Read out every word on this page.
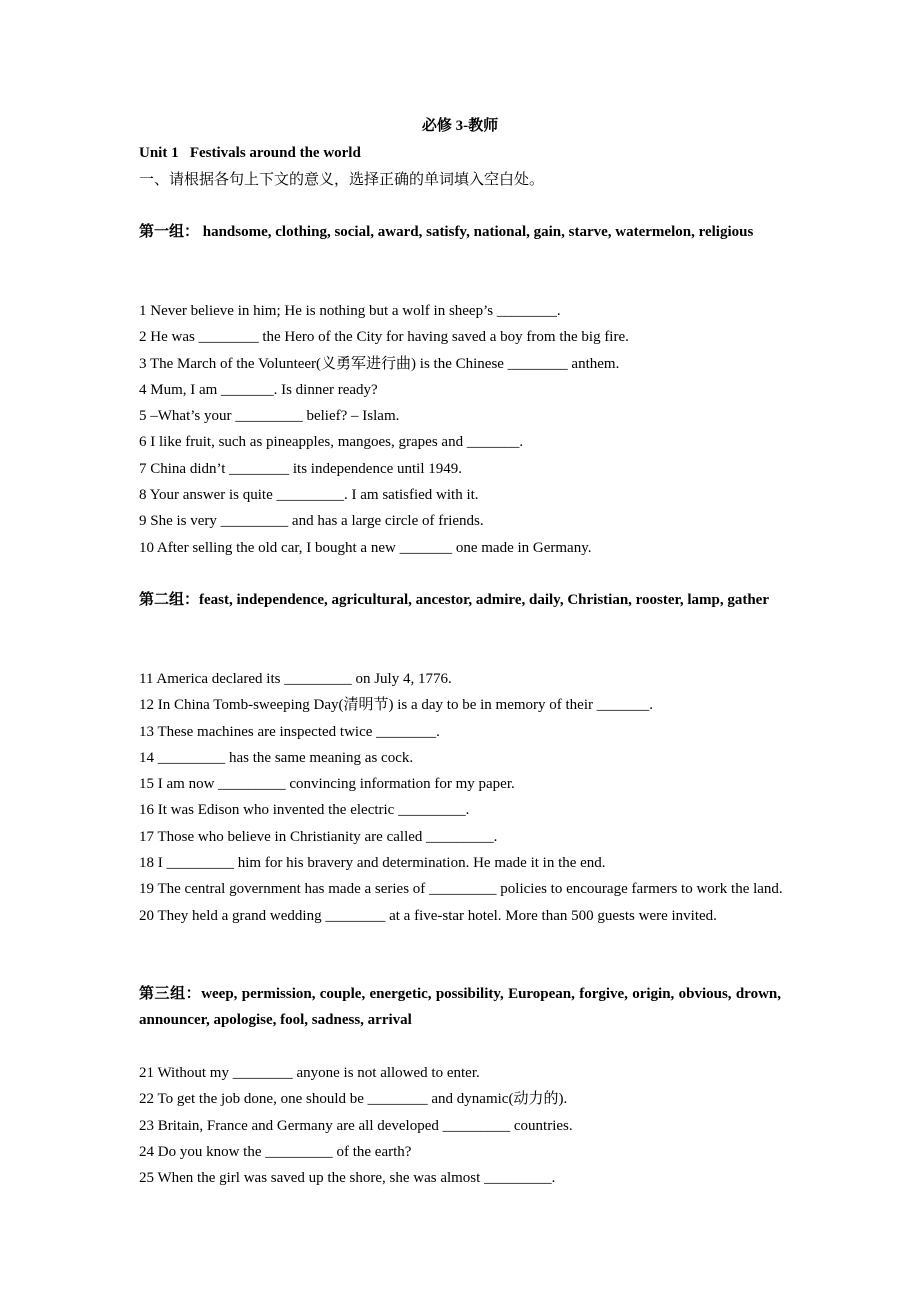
必修 3-教师
Unit 1   Festivals around the world
一、请根据各句上下文的意义，选择正确的单词填入空白处。
第一组： handsome, clothing, social, award, satisfy, national, gain, starve, watermelon, religious
1 Never believe in him; He is nothing but a wolf in sheep’s ________.
2 He was ________ the Hero of the City for having saved a boy from the big fire.
3 The March of the Volunteer(义勇军进行曲) is the Chinese ________ anthem.
4 Mum, I am _______. Is dinner ready?
5 –What’s your _________ belief? – Islam.
6 I like fruit, such as pineapples, mangoes, grapes and _______.
7 China didn’t ________ its independence until 1949.
8 Your answer is quite _________. I am satisfied with it.
9 She is very _________ and has a large circle of friends.
10 After selling the old car, I bought a new _______ one made in Germany.
第二组：feast, independence, agricultural, ancestor, admire, daily, Christian, rooster, lamp, gather
11 America declared its _________ on July 4, 1776.
12 In China Tomb-sweeping Day(清明节) is a day to be in memory of their _______.
13 These machines are inspected twice ________.
14 _________ has the same meaning as cock.
15 I am now _________ convincing information for my paper.
16 It was Edison who invented the electric _________.
17 Those who believe in Christianity are called _________.
18 I _________ him for his bravery and determination. He made it in the end.
19 The central government has made a series of _________ policies to encourage farmers to work the land.
20 They held a grand wedding ________ at a five-star hotel. More than 500 guests were invited.
第三组：weep, permission, couple, energetic, possibility, European, forgive, origin, obvious, drown, announcer, apologise, fool, sadness, arrival
21 Without my ________ anyone is not allowed to enter.
22 To get the job done, one should be ________ and dynamic(动力的).
23 Britain, France and Germany are all developed _________ countries.
24 Do you know the _________ of the earth?
25 When the girl was saved up the shore, she was almost _________.
